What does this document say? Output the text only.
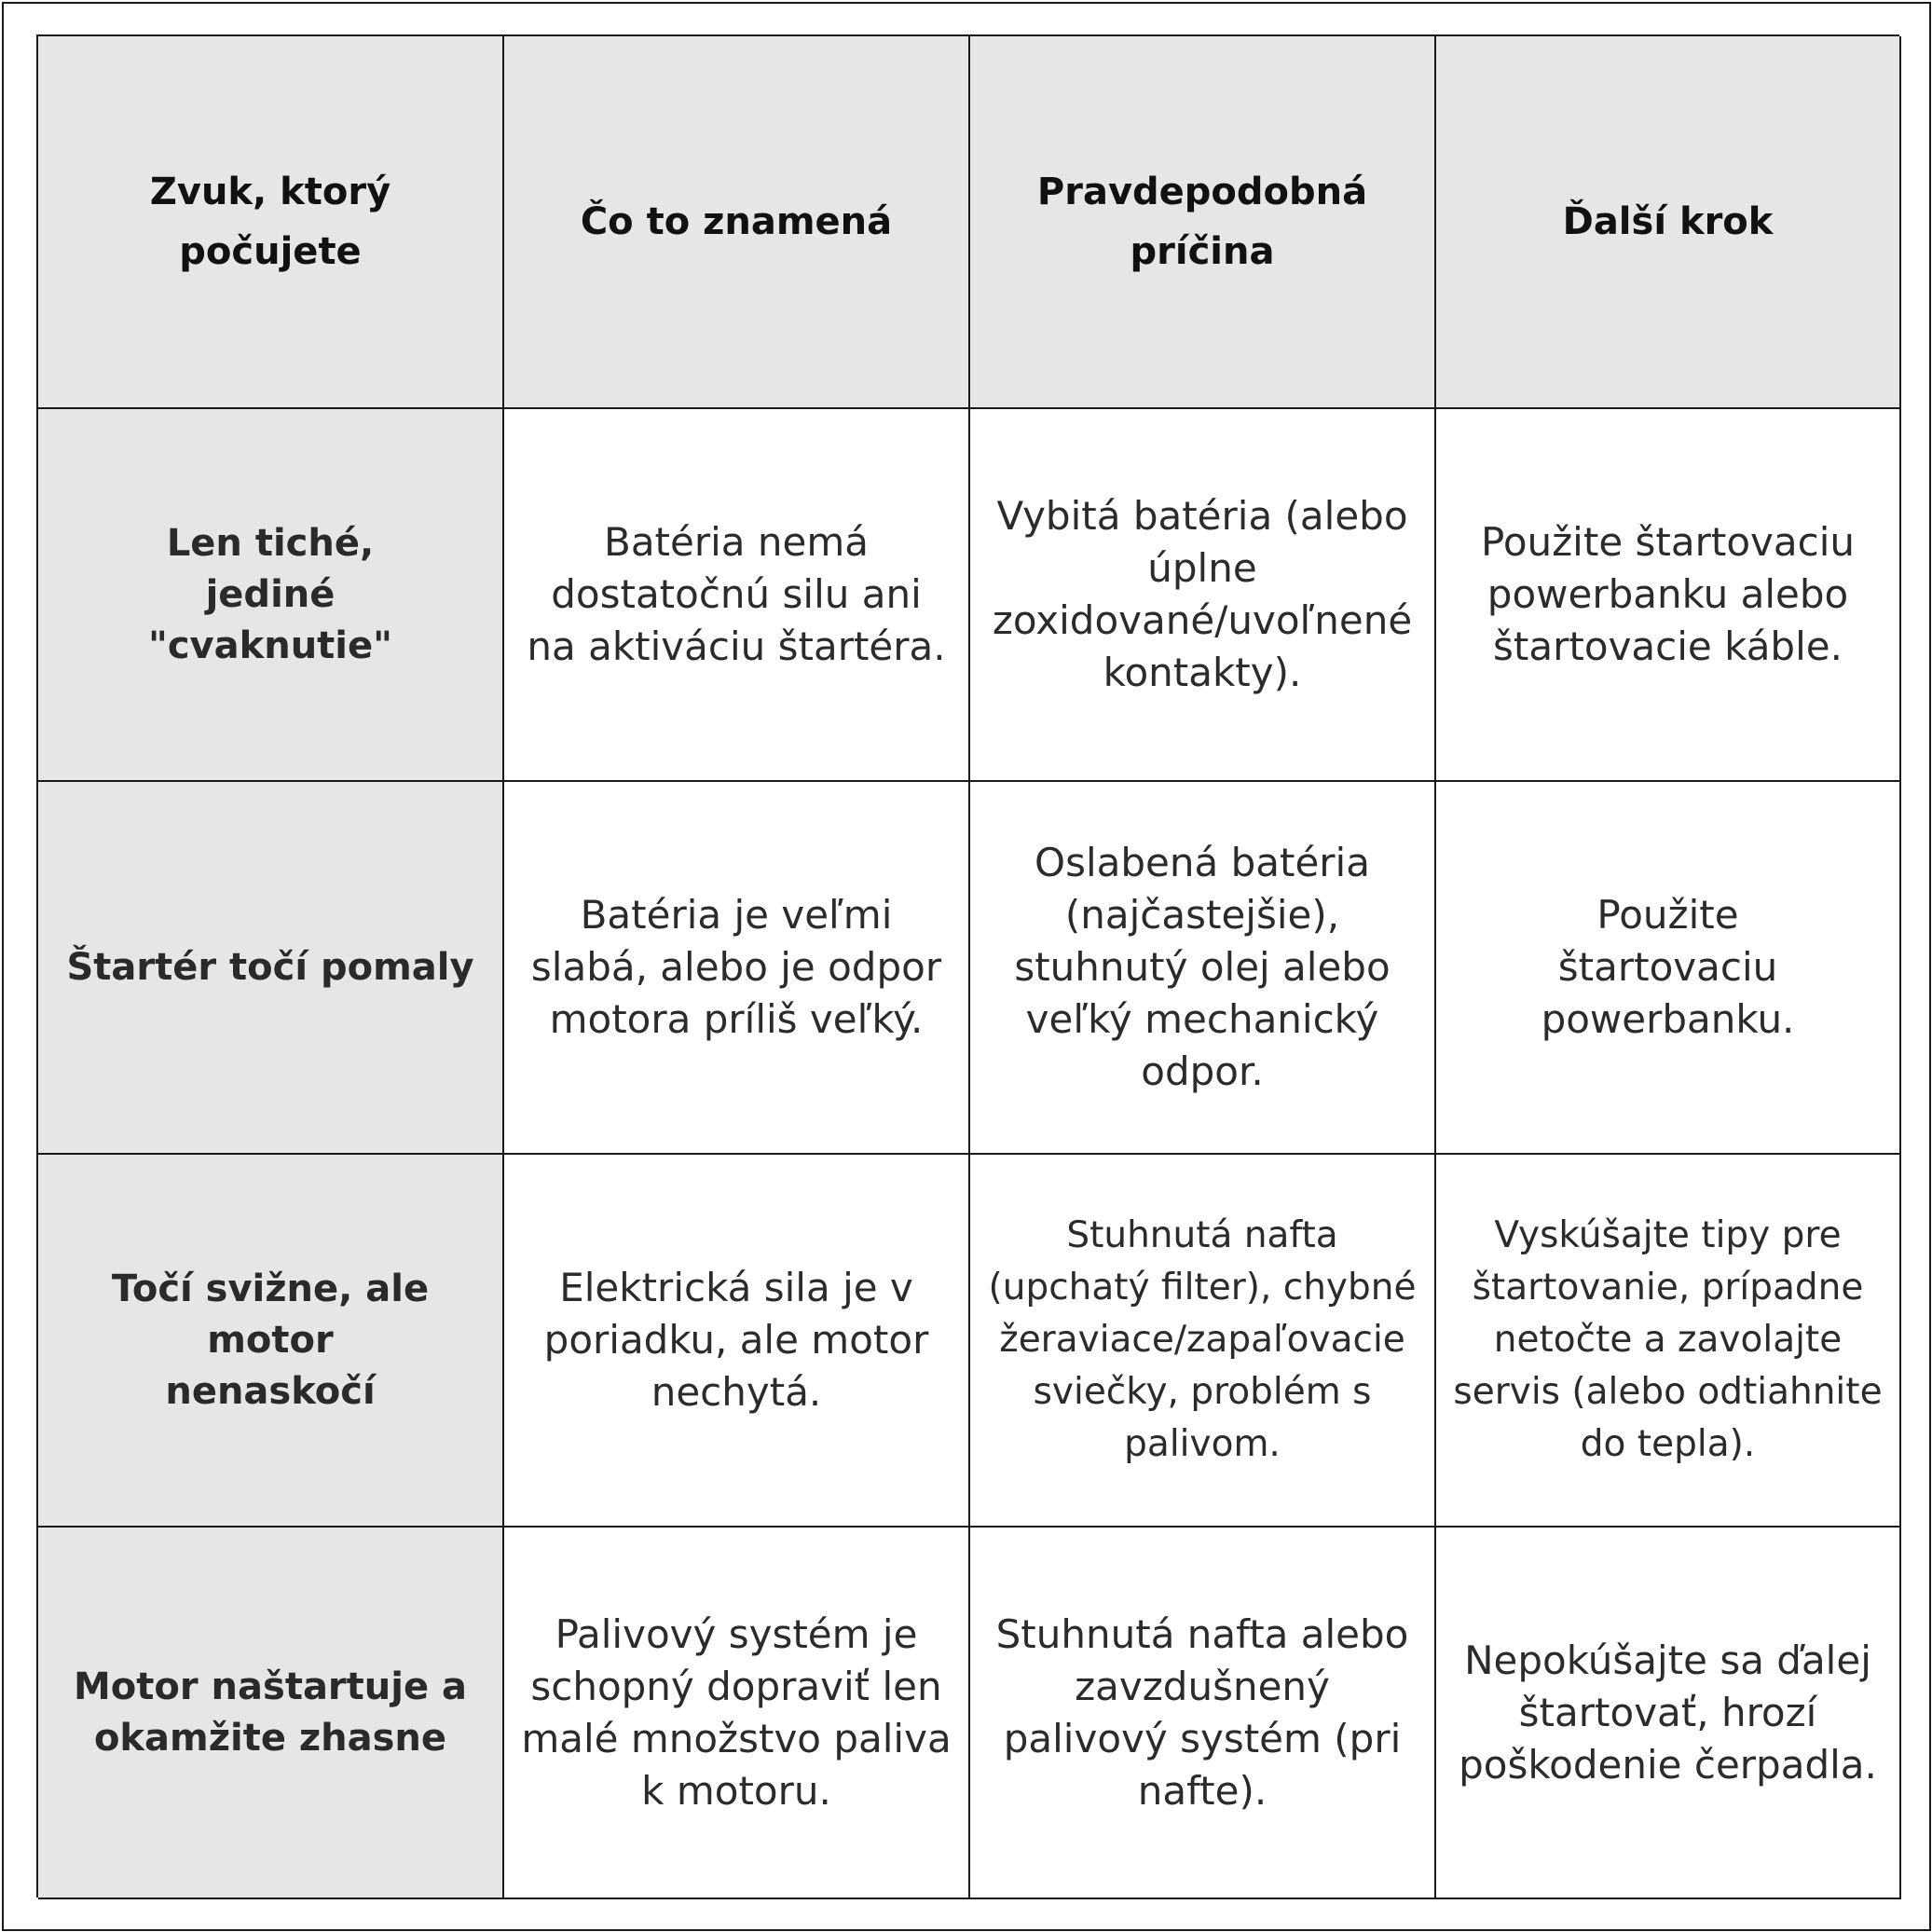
Zvuk, ktorý počujete
Čo to znamená
Pravdepodobná príčina
Ďalší krok
Len tiché, jediné "cvaknutie"
Batéria nemá dostatočnú silu ani na aktiváciu štartéra.
Vybitá batéria (alebo úplne zoxidované/uvoľnené kontakty).
Použite štartovaciu powerbanku alebo štartovacie káble.
Štartér točí pomaly
Batéria je veľmi slabá, alebo je odpor motora príliš veľký.
Oslabená batéria (najčastejšie), stuhnutý olej alebo veľký mechanický odpor.
Použite štartovaciu powerbanku.
Točí svižne, ale motor nenaskočí
Elektrická sila je v poriadku, ale motor nechytá.
Stuhnutá nafta (upchatý filter), chybné žeraviace/zapaľovacie sviečky, problém s palivom.
Vyskúšajte tipy pre štartovanie, prípadne netočte a zavolajte servis (alebo odtiahnite do tepla).
Motor naštartuje a okamžite zhasne
Palivový systém je schopný dopraviť len malé množstvo paliva k motoru.
Stuhnutá nafta alebo zavzdušnený palivový systém (pri nafte).
Nepokúšajte sa ďalej štartovať, hrozí poškodenie čerpadla.
